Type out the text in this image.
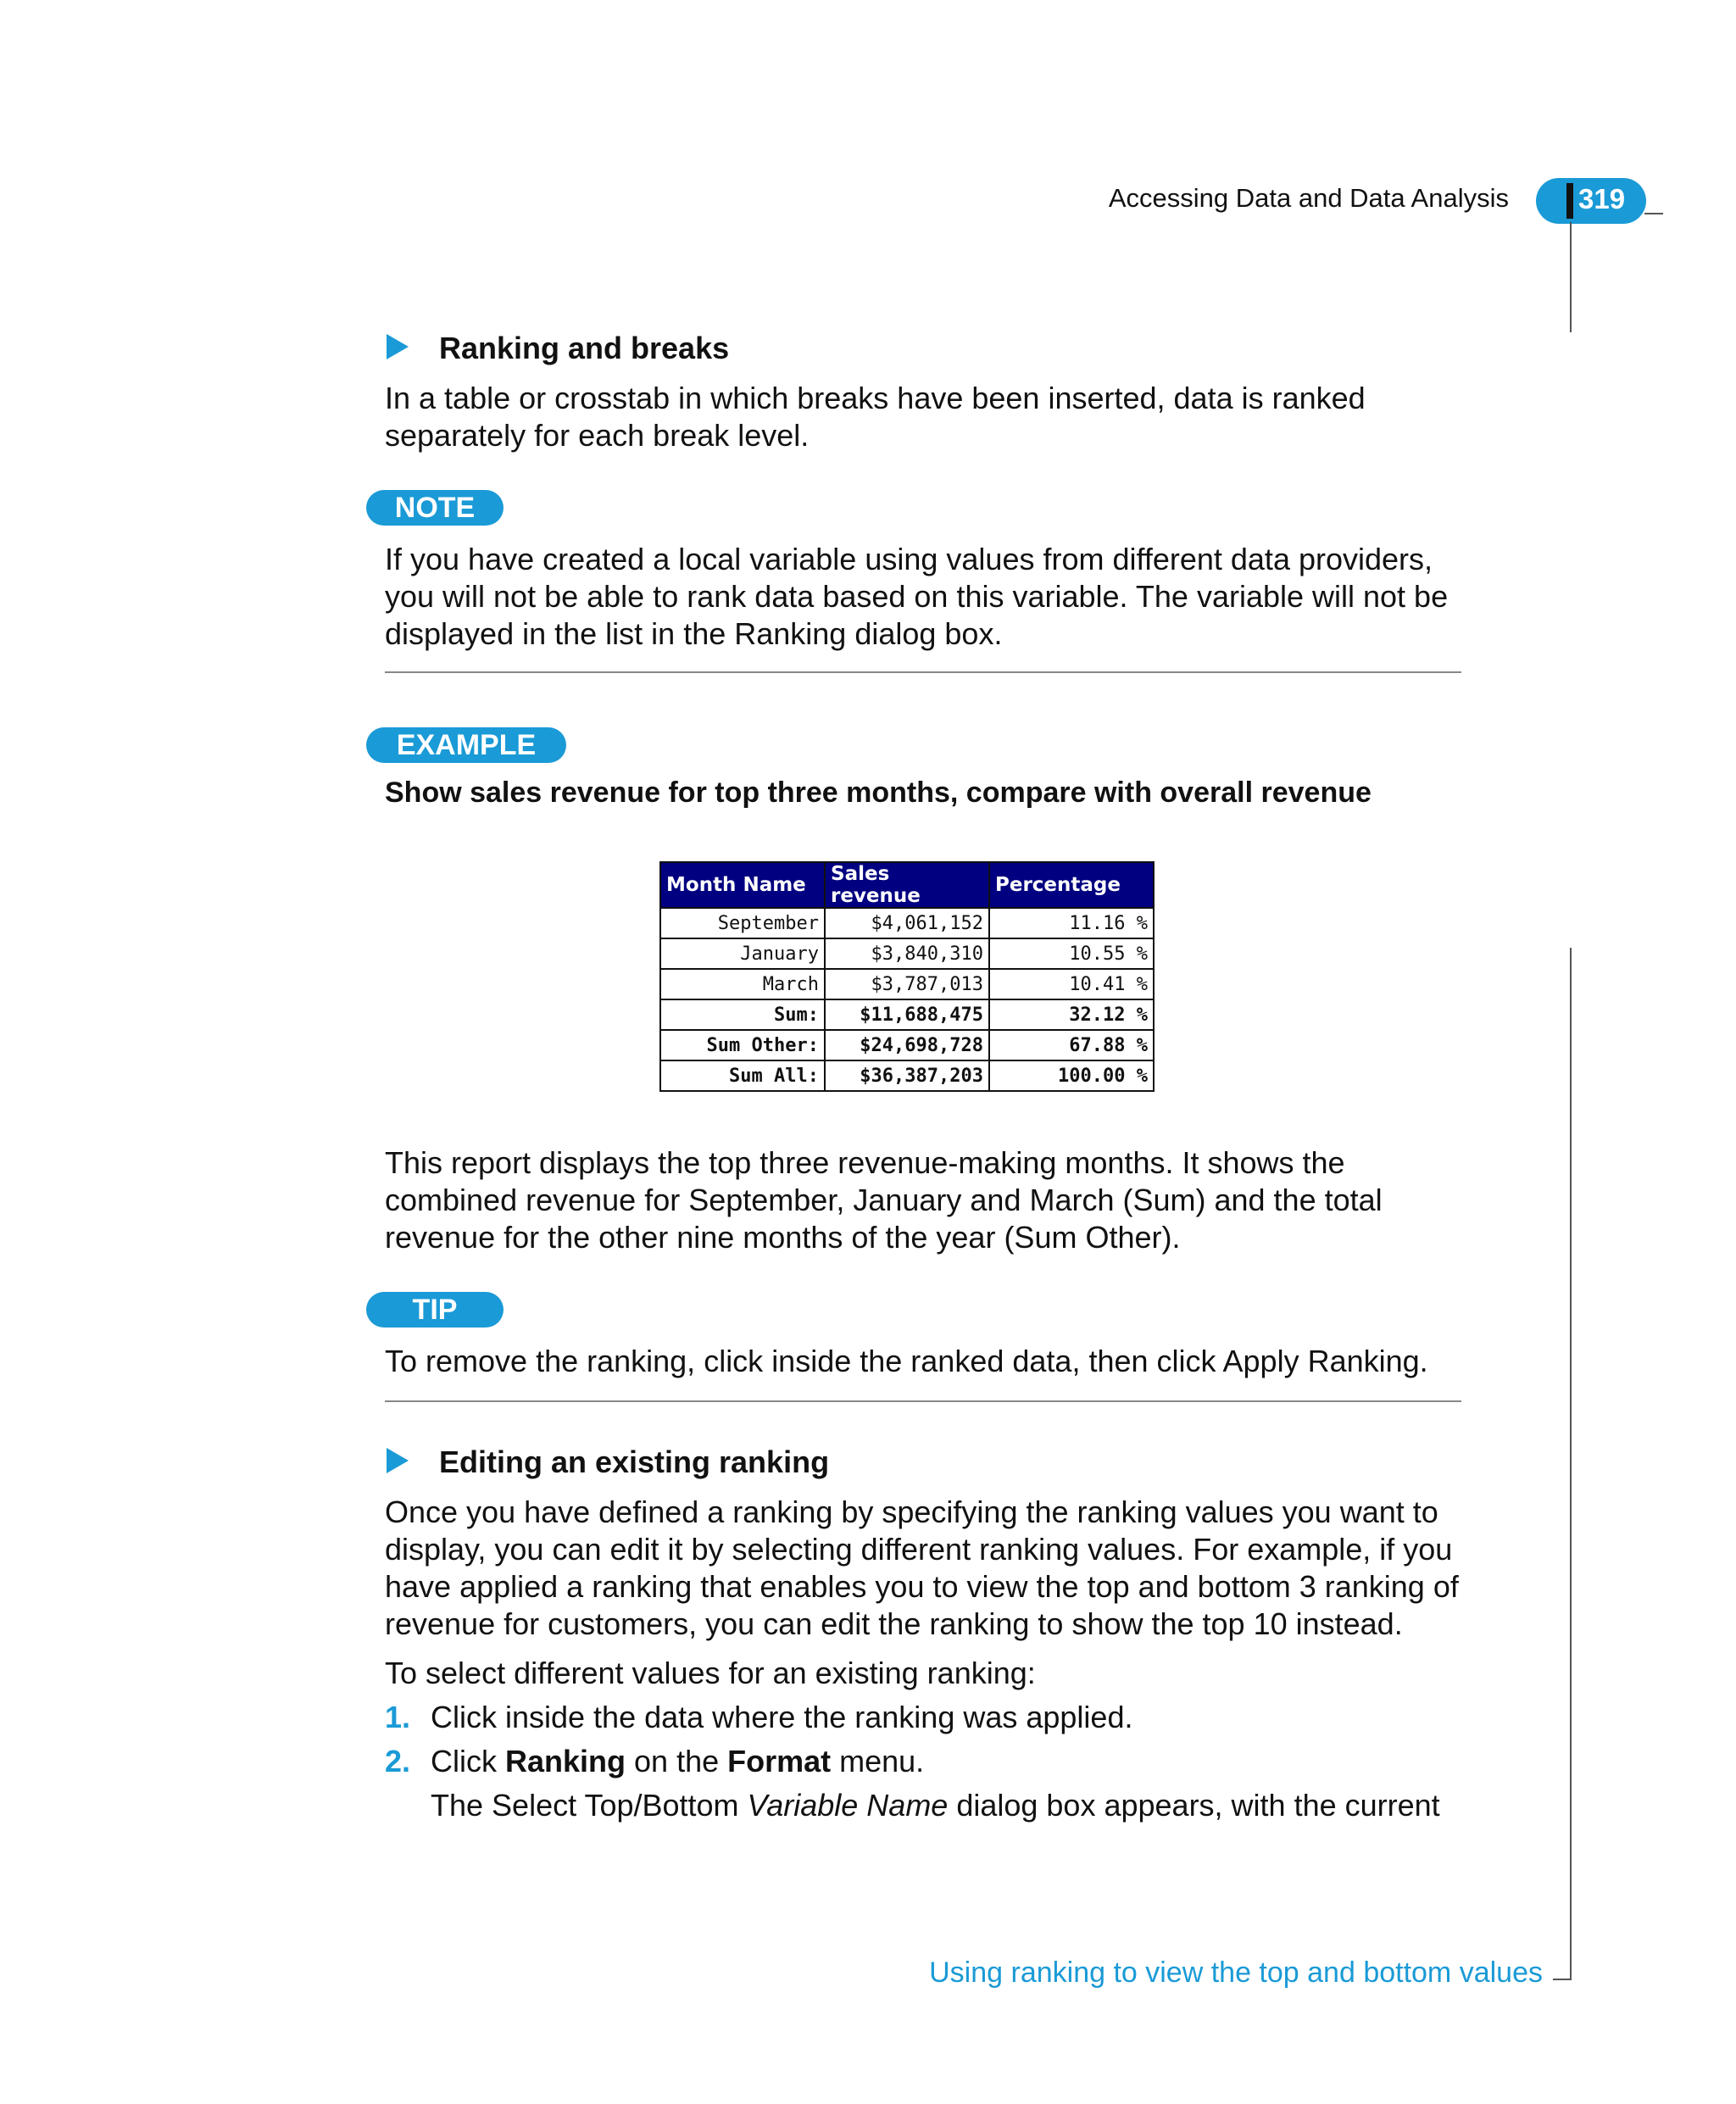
Accessing Data and Data Analysis 319
Ranking and breaks
In a table or crosstab in which breaks have been inserted, data is ranked
separately for each break level.
NOTE
If you have created a local variable using values from different data providers,
you will not be able to rank data based on this variable. The variable will not be
displayed in the list in the Ranking dialog box.
EXAMPLE
Show sales revenue for top three months, compare with overall revenue
Month Name	Sales revenue	Percentage
September	$4,061,152	11.16 %
January	$3,840,310	10.55 %
March	$3,787,013	10.41 %
Sum:	$11,688,475	32.12 %
Sum Other:	$24,698,728	67.88 %
Sum All:	$36,387,203	100.00 %
This report displays the top three revenue-making months. It shows the
combined revenue for September, January and March (Sum) and the total
revenue for the other nine months of the year (Sum Other).
TIP
To remove the ranking, click inside the ranked data, then click Apply Ranking.
Editing an existing ranking
Once you have defined a ranking by specifying the ranking values you want to
display, you can edit it by selecting different ranking values. For example, if you
have applied a ranking that enables you to view the top and bottom 3 ranking of
revenue for customers, you can edit the ranking to show the top 10 instead.
To select different values for an existing ranking:
1. Click inside the data where the ranking was applied.
2. Click Ranking on the Format menu.
The Select Top/Bottom Variable Name dialog box appears, with the current
Using ranking to view the top and bottom values
